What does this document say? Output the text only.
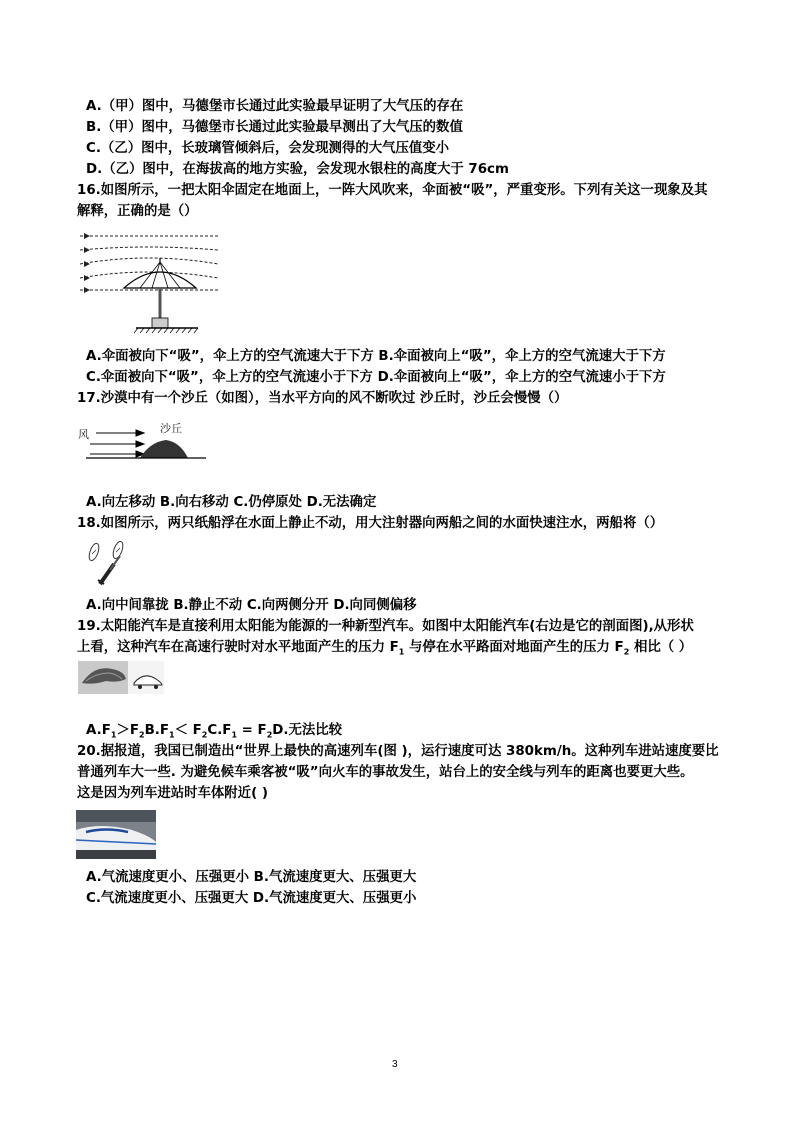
A.（甲）图中，马德堡市长通过此实验最早证明了大气压的存在
B.（甲）图中，马德堡市长通过此实验最早测出了大气压的数值
C.（乙）图中，长玻璃管倾斜后，会发现测得的大气压值变小
D.（乙）图中，在海拔高的地方实验，会发现水银柱的高度大于 76cm
16.如图所示，一把太阳伞固定在地面上，一阵大风吹来，伞面被“吸”，严重变形。下列有关这一现象及其
解释，正确的是（）
A.伞面被向下“吸”，伞上方的空气流速大于下方 B.伞面被向上“吸”，伞上方的空气流速大于下方
C.伞面被向下“吸”，伞上方的空气流速小于下方 D.伞面被向上“吸”，伞上方的空气流速小于下方
17.沙漠中有一个沙丘（如图），当水平方向的风不断吹过 沙丘时，沙丘会慢慢（）
风	沙丘
A.向左移动 B.向右移动 C.仍停原处 D.无法确定
18.如图所示，两只纸船浮在水面上静止不动，用大注射器向两船之间的水面快速注水，两船将（）
A.向中间靠拢 B.静止不动 C.向两侧分开 D.向同侧偏移
19.太阳能汽车是直接利用太阳能为能源的一种新型汽车。如图中太阳能汽车(右边是它的剖面图),从形状
上看，这种汽车在高速行驶时对水平地面产生的压力 $F_1$ 与停在水平路面对地面产生的压力 $F_2$ 相比（ ）
$A.F_1>F_2B.F_1< F_2C.F_1 = F_2D$.无法比较
20.据报道，我国已制造出“世界上最快的高速列车(图 )，运行速度可达 380km/h。这种列车进站速度要比
普通列车大一些. 为避免候车乘客被“吸”向火车的事故发生，站台上的安全线与列车的距离也要更大些。
这是因为列车进站时车体附近( )
A.气流速度更小、压强更小 B.气流速度更大、压强更大
C.气流速度更小、压强更大 D.气流速度更大、压强更小
3
